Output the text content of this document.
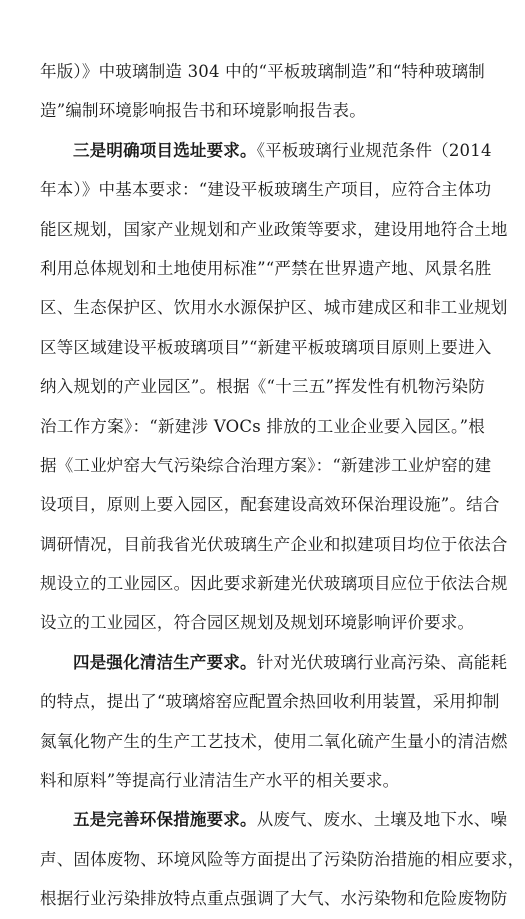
年版）》中玻璃制造 304 中的“平板玻璃制造”和“特种玻璃制
造”编制环境影响报告书和环境影响报告表。
三是明确项目选址要求。《平板玻璃行业规范条件（2014
年本）》中基本要求：“建设平板玻璃生产项目，应符合主体功
能区规划，国家产业规划和产业政策等要求，建设用地符合土地
利用总体规划和土地使用标准”“严禁在世界遗产地、风景名胜
区、生态保护区、饮用水水源保护区、城市建成区和非工业规划
区等区域建设平板玻璃项目”“新建平板玻璃项目原则上要进入
纳入规划的产业园区”。根据《“十三五”挥发性有机物污染防
治工作方案》：“新建涉 VOCs 排放的工业企业要入园区。”根
据《工业炉窑大气污染综合治理方案》：“新建涉工业炉窑的建
设项目，原则上要入园区，配套建设高效环保治理设施”。结合
调研情况，目前我省光伏玻璃生产企业和拟建项目均位于依法合
规设立的工业园区。因此要求新建光伏玻璃项目应位于依法合规
设立的工业园区，符合园区规划及规划环境影响评价要求。
四是强化清洁生产要求。针对光伏玻璃行业高污染、高能耗
的特点，提出了“玻璃熔窑应配置余热回收利用装置，采用抑制
氮氧化物产生的生产工艺技术，使用二氧化硫产生量小的清洁燃
料和原料”等提高行业清洁生产水平的相关要求。
五是完善环保措施要求。从废气、废水、土壤及地下水、噪
声、固体废物、环境风险等方面提出了污染防治措施的相应要求，
根据行业污染排放特点重点强调了大气、水污染物和危险废物防
